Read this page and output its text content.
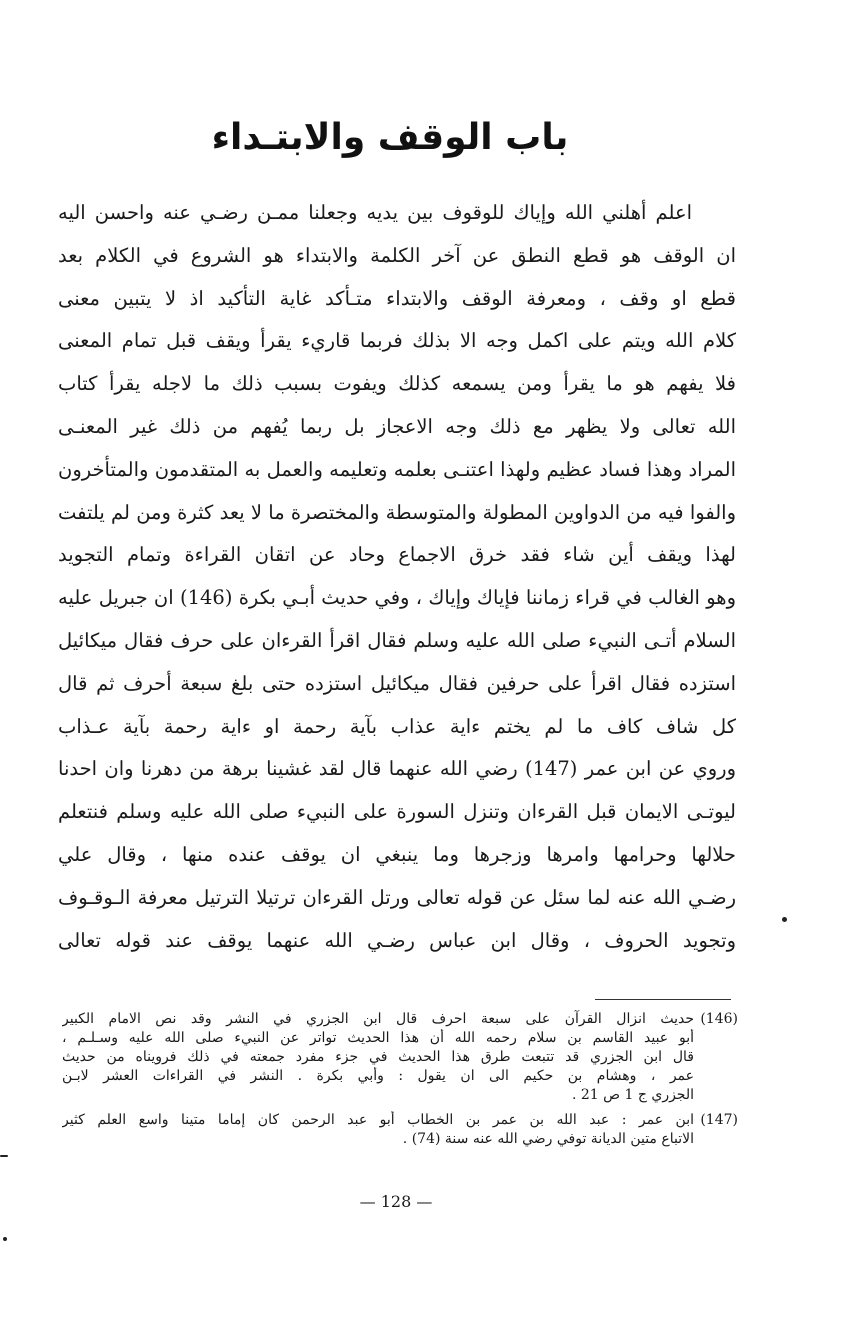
باب الوقف والابتـداء
اعلم أهلني الله وإياك للوقوف بين يديه وجعلنا ممـن رضـي عنه واحسن اليه
ان الوقف هو قطع النطق عن آخر الكلمة والابتداء هو الشروع في الكلام بعد
قطع او وقف ، ومعرفة الوقف والابتداء متـأكد غاية التأكيد اذ لا يتبين معنى
كلام الله ويتم على اكمل وجه الا بذلك فربما قاريء يقرأ ويقف قبل تمام المعنى
فلا يفهم هو ما يقرأ ومن يسمعه كذلك ويفوت بسبب ذلك ما لاجله يقرأ كتاب
الله تعالى ولا يظهر مع ذلك وجه الاعجاز بل ربما يُفهم من ذلك غير المعنـى
المراد وهذا فساد عظيم ولهذا اعتنـى بعلمه وتعليمه والعمل به المتقدمون والمتأخرون
والفوا فيه من الدواوين المطولة والمتوسطة والمختصرة ما لا يعد كثرة ومن لم يلتفت
لهذا ويقف أين شاء فقد خرق الاجماع وحاد عن اتقان القراءة وتمام التجويد
وهو الغالب في قراء زماننا فإياك وإياك ، وفي حديث أبـي بكرة (146) ان جبريل عليه
السلام أتـى النبيء صلى الله عليه وسلم فقال اقرأ القرءان على حرف فقال ميكائيل
استزده فقال اقرأ على حرفين فقال ميكائيل استزده حتى بلغ سبعة أحرف ثم قال
كل شاف كاف ما لم يختم ءاية عذاب بآية رحمة او ءاية رحمة بآية عـذاب
وروي عن ابن عمر (147) رضي الله عنهما قال لقد غشينا برهة من دهرنا وان احدنا
ليوتـى الايمان قبل القرءان وتنزل السورة على النبيء صلى الله عليه وسلم فنتعلم
حلالها وحرامها وامرها وزجرها وما ينبغي ان يوقف عنده منها ، وقال علي
رضـي الله عنه لما سئل عن قوله تعالى ورتل القرءان ترتيلا الترتيل معرفة الـوقـوف
وتجويد الحروف ، وقال ابن عباس رضـي الله عنهما يوقف عند قوله تعالى
(146)
حديث انزال القرآن على سبعة احرف قال ابن الجزري في النشر وقد نص الامام الكبير
أبو عبيد القاسم بن سلام رحمه الله أن هذا الحديث تواتر عن النبيء صلى الله عليه وسـلـم ،
قال ابن الجزري قد تتبعت طرق هذا الحديث في جزء مفرد جمعته في ذلك فرويناه من حديث
عمر ، وهشام بن حكيم الى ان يقول : وأبي بكرة . النشر في القراءات العشر لابـن
الجزري ج 1 ص 21 .
(147)
ابن عمر : عبد الله بن عمر بن الخطاب أبو عبد الرحمن كان إماما متينا واسع العلم كثير
الاتباع متين الديانة توفي رضي الله عنه سنة (74) .
— 128 —
